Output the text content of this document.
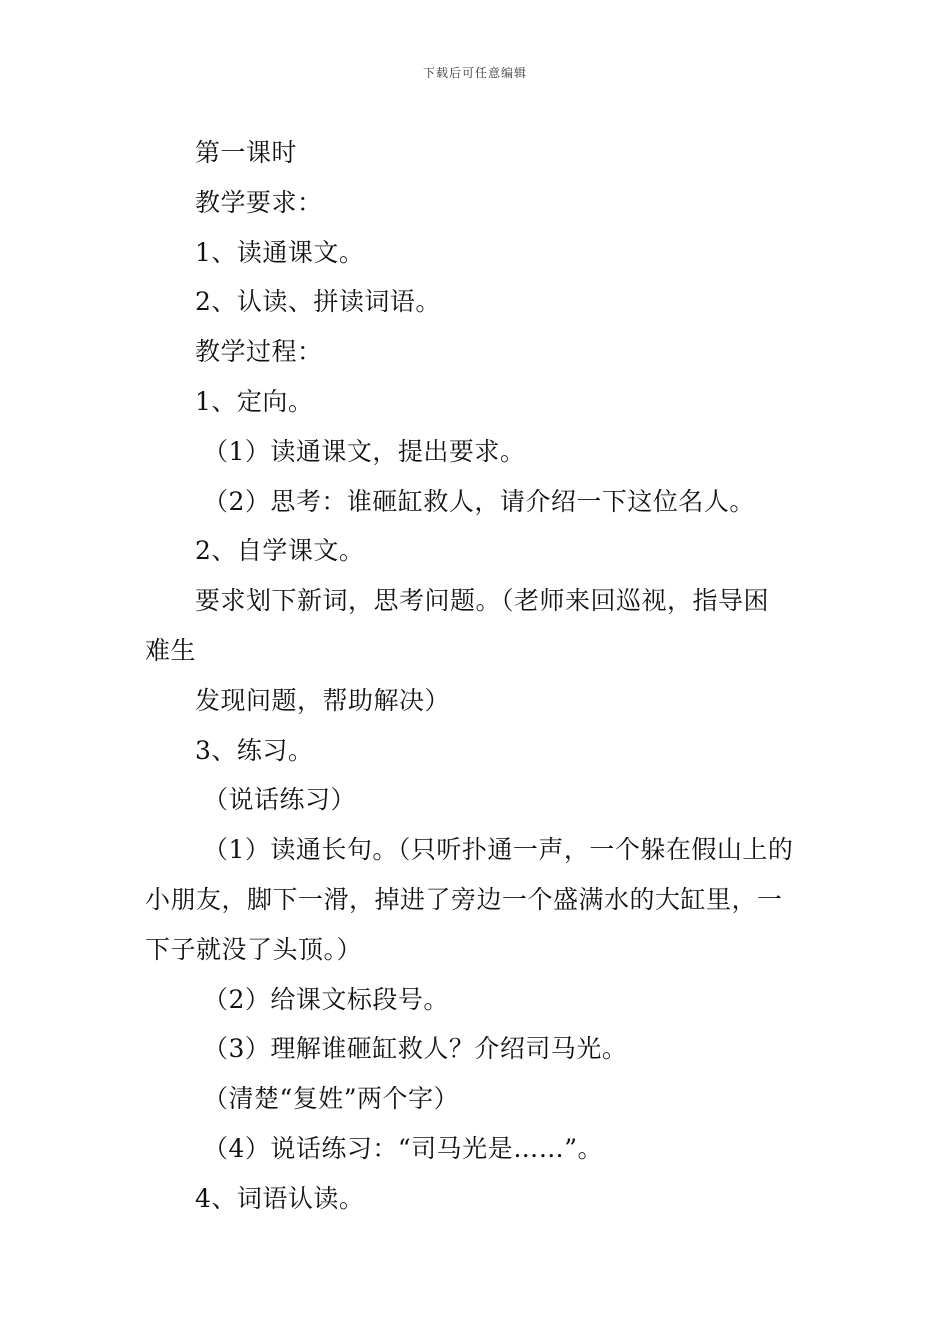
下载后可任意编辑
第一课时
教学要求：
1、读通课文。
2、认读、拼读词语。
教学过程：
1、定向。
（1）读通课文，提出要求。
（2）思考：谁砸缸救人，请介绍一下这位名人。
2、自学课文。
要求划下新词，思考问题。（老师来回巡视，指导困
难生
发现问题，帮助解决）
3、练习。
（说话练习）
（1）读通长句。（只听扑通一声，一个躲在假山上的
小朋友，脚下一滑，掉进了旁边一个盛满水的大缸里，一
下子就没了头顶。）
（2）给课文标段号。
（3）理解谁砸缸救人？介绍司马光。
（清楚“复姓”两个字）
（4）说话练习：“司马光是……”。
4、词语认读。
